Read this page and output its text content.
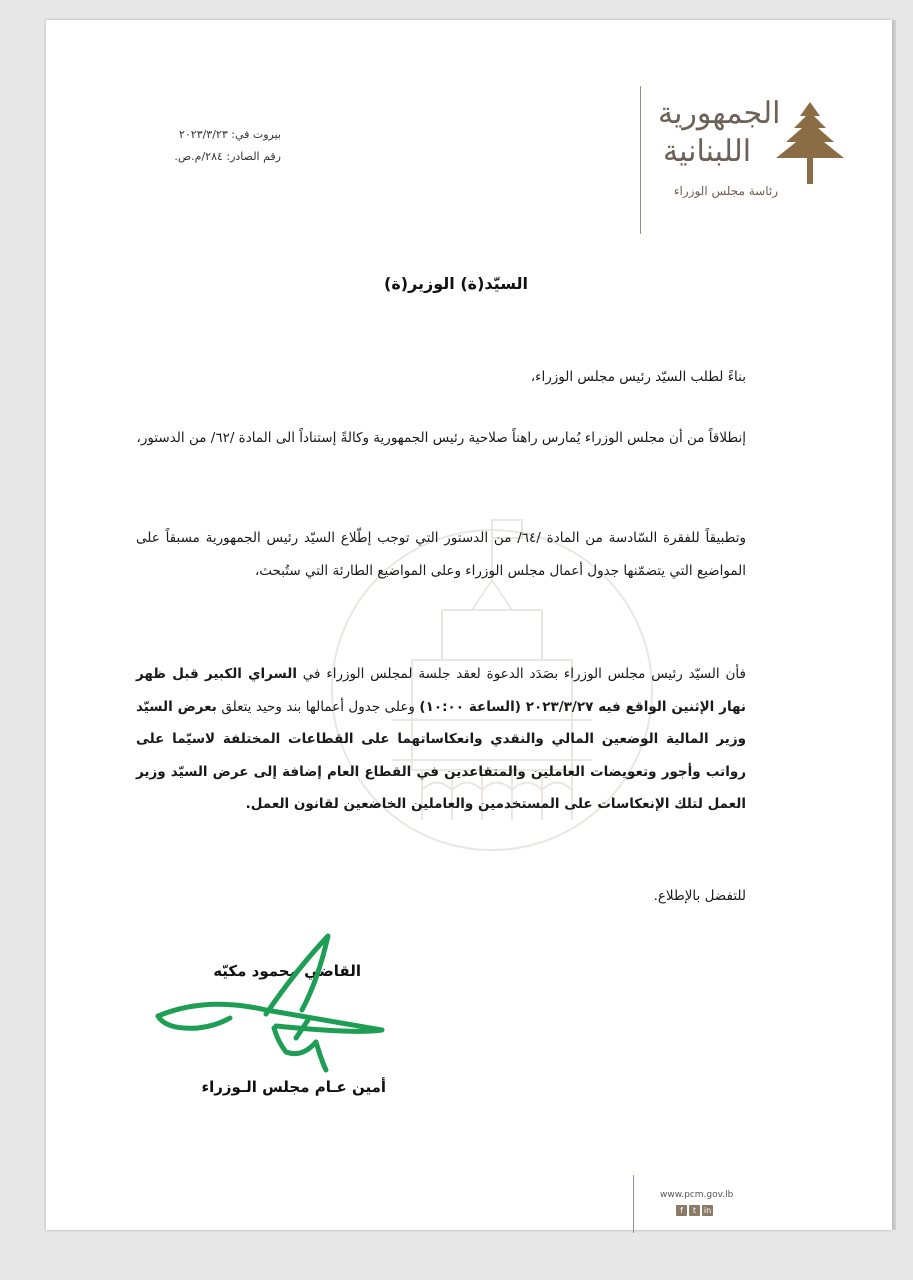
الجمهورية
اللبنانية
رئاسة مجلس الوزراء
بيروت في: ٢٠٢٣/٣/٢٣
رقم الصادر: ٢٨٤/م.ص.
السيّد(ة) الوزير(ة)
بناءً لطلب السيّد رئيس مجلس الوزراء،
إنطلاقاً من أن مجلس الوزراء يُمارس راهناً صلاحية رئيس الجمهورية وكالةً إستناداً الى المادة /٦٢/ من الدستور،
وتطبيقاً للفقرة السّادسة من المادة /٦٤/ من الدستور التي توجب إطّلاع السيّد رئيس الجمهورية مسبقاً على المواضيع التي يتضمّنها جدول أعمال مجلس الوزراء وعلى المواضيع الطارئة التي ستُبحث،
فأن السيّد رئيس مجلس الوزراء بصَدَد الدعوة لعقد جلسة لمجلس الوزراء في السراي الكبير قبل ظهر نهار الإثنين الواقع فيه ٢٠٢٣/٣/٢٧ (الساعة ١٠:٠٠) وعلى جدول أعمالها بند وحيد يتعلق بعرض السيّد وزير المالية الوضعين المالي والنقدي وانعكاساتهما على القطاعات المختلفة لاسيّما على رواتب وأجور وتعويضات العاملين والمتقاعدين في القطاع العام إضافة إلى عرض السيّد وزير العمل لتلك الإنعكاسات على المستخدمين والعاملين الخاضعين لقانون العمل.
للتفضل بالإطلاع.
القاضي محمود مكيّه
أمين عـام مجلس الـوزراء
www.pcm.gov.lb
f	t in
